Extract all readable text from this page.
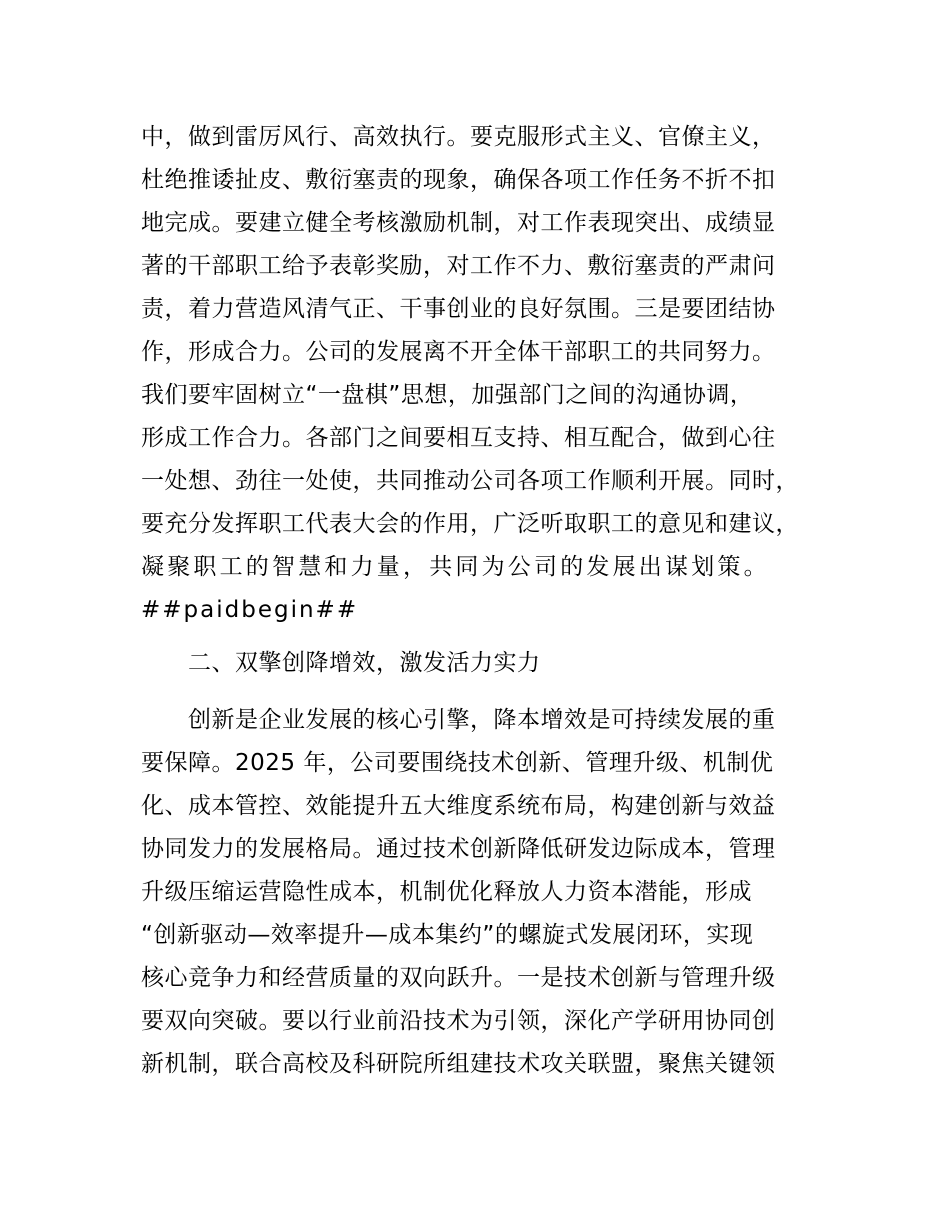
中，做到雷厉风行、高效执行。要克服形式主义、官僚主义，

杜绝推诿扯皮、敷衍塞责的现象，确保各项工作任务不折不扣

地完成。要建立健全考核激励机制，对工作表现突出、成绩显

著的干部职工给予表彰奖励，对工作不力、敷衍塞责的严肃问

责，着力营造风清气正、干事创业的良好氛围。三是要团结协

作，形成合力。公司的发展离不开全体干部职工的共同努力。

我们要牢固树立“一盘棋”思想，加强部门之间的沟通协调，

形成工作合力。各部门之间要相互支持、相互配合，做到心往

一处想、劲往一处使，共同推动公司各项工作顺利开展。同时，

要充分发挥职工代表大会的作用，广泛听取职工的意见和建议，

凝聚职工的智慧和力量，共同为公司的发展出谋划策。

##paidbegin##

二、双擎创降增效，激发活力实力

创新是企业发展的核心引擎，降本增效是可持续发展的重

要保障。2025 年，公司要围绕技术创新、管理升级、机制优

化、成本管控、效能提升五大维度系统布局，构建创新与效益

协同发力的发展格局。通过技术创新降低研发边际成本，管理

升级压缩运营隐性成本，机制优化释放人力资本潜能，形成

“创新驱动—效率提升—成本集约”的螺旋式发展闭环，实现

核心竞争力和经营质量的双向跃升。一是技术创新与管理升级

要双向突破。要以行业前沿技术为引领，深化产学研用协同创

新机制，联合高校及科研院所组建技术攻关联盟，聚焦关键领
